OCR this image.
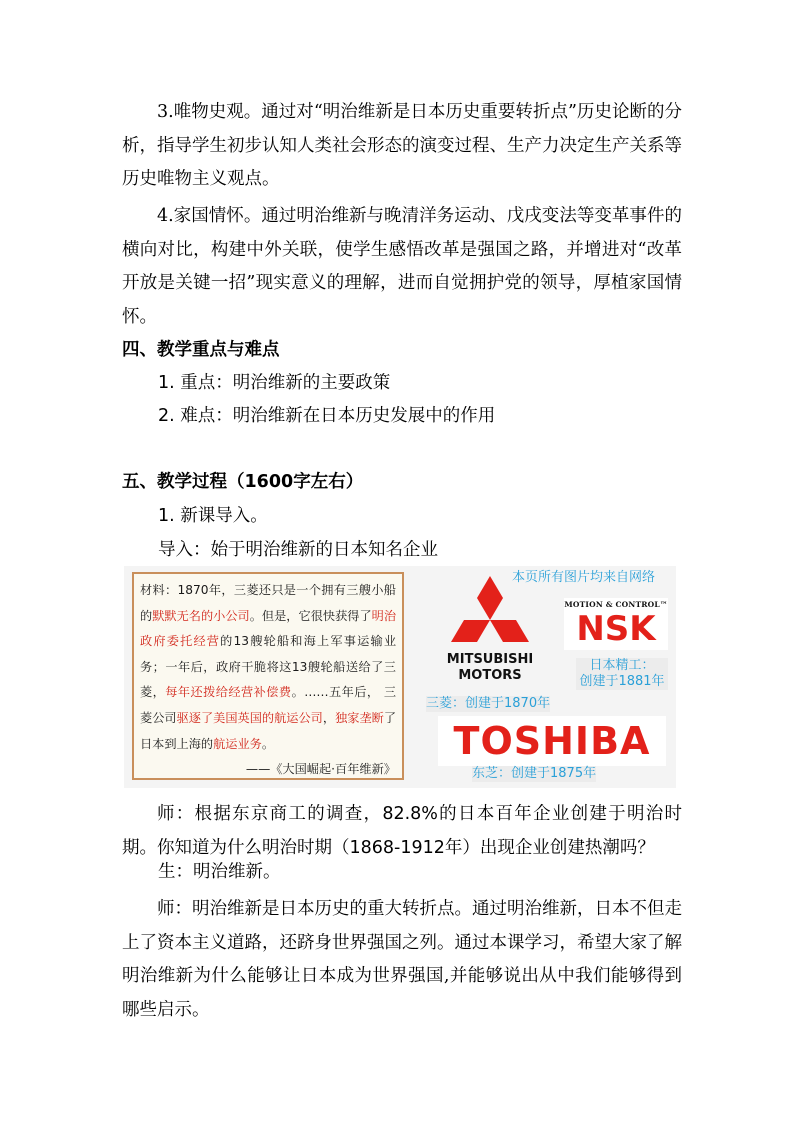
3.唯物史观。通过对“明治维新是日本历史重要转折点”历史论断的分析，指导学生初步认知人类社会形态的演变过程、生产力决定生产关系等历史唯物主义观点。

4.家国情怀。通过明治维新与晚清洋务运动、戊戌变法等变革事件的横向对比，构建中外关联，使学生感悟改革是强国之路，并增进对“改革开放是关键一招”现实意义的理解，进而自觉拥护党的领导，厚植家国情怀。

四、教学重点与难点
1. 重点：明治维新的主要政策
2. 难点：明治维新在日本历史发展中的作用
五、教学过程（1600字左右）
1. 新课导入。
导入：始于明治维新的日本知名企业
材料：1870年，三菱还只是一个拥有三艘小船的默默无名的小公司。但是，它很快获得了明治政府委托经营的13艘轮船和海上军事运输业务；一年后，政府干脆将这13艘轮船送给了三菱，每年还拨给经营补偿费。……五年后， 三菱公司驱逐了美国英国的航运公司，独家垄断了日本到上海的航运业务。
——《大国崛起·百年维新》
本页所有图片均来自网络
MITSUBISHI
MOTORS
MOTION & CONTROL™
NSK
日本精工：
创建于1881年
三菱：创建于1870年
TOSHIBA
东芝：创建于1875年

师：根据东京商工的调查，82.8%的日本百年企业创建于明治时期。你知道为什么明治时期（1868-1912年）出现企业创建热潮吗？

生：明治维新。

师：明治维新是日本历史的重大转折点。通过明治维新，日本不但走上了资本主义道路，还跻身世界强国之列。通过本课学习，希望大家了解明治维新为什么能够让日本成为世界强国,并能够说出从中我们能够得到哪些启示。
